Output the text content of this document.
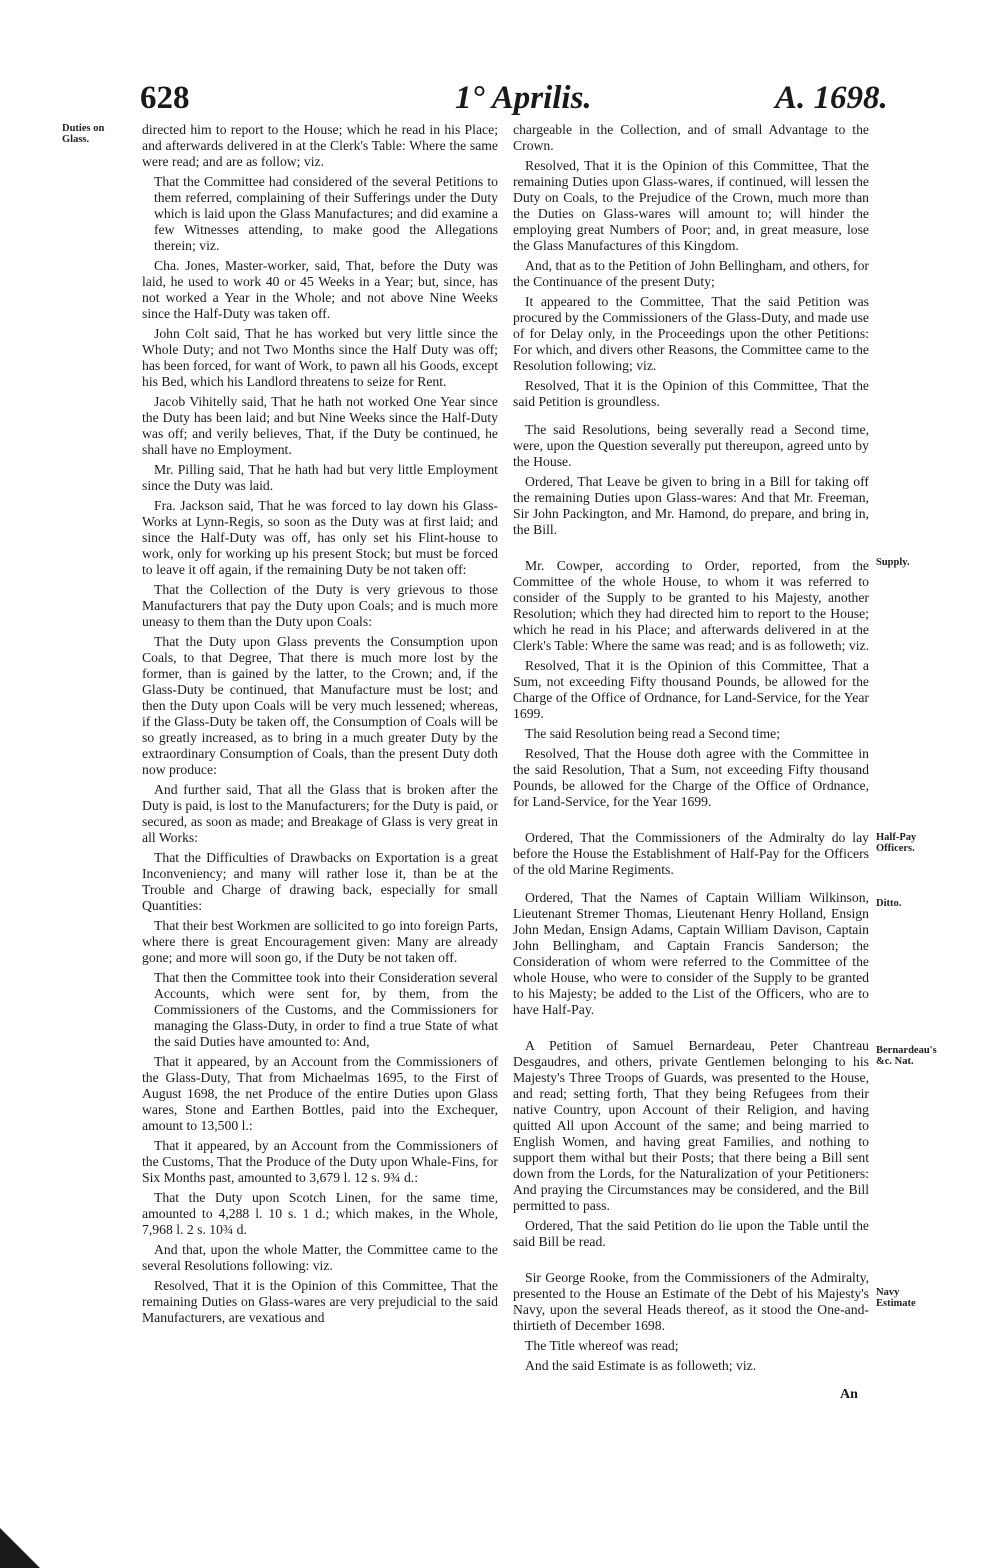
628	1° Aprilis.	A. 1698.
Duties on Glass.
Supply.
Half-Pay Officers.
Ditto.
Bernardeau's &c. Nat.
Navy Estimate

directed him to report to the House; which he read in his Place; and afterwards delivered in at the Clerk's Table: Where the same were read; and are as follow; viz.

That the Committee had considered of the several Petitions to them referred, complaining of their Sufferings under the Duty which is laid upon the Glass Manufactures; and did examine a few Witnesses attending, to make good the Allegations therein; viz.

Cha. Jones, Master-worker, said, That, before the Duty was laid, he used to work 40 or 45 Weeks in a Year; but, since, has not worked a Year in the Whole; and not above Nine Weeks since the Half-Duty was taken off.

John Colt said, That he has worked but very little since the Whole Duty; and not Two Months since the Half Duty was off; has been forced, for want of Work, to pawn all his Goods, except his Bed, which his Landlord threatens to seize for Rent.

Jacob Vihitelly said, That he hath not worked One Year since the Duty has been laid; and but Nine Weeks since the Half-Duty was off; and verily believes, That, if the Duty be continued, he shall have no Employment.

Mr. Pilling said, That he hath had but very little Employment since the Duty was laid.

Fra. Jackson said, That he was forced to lay down his Glass-Works at Lynn-Regis, so soon as the Duty was at first laid; and since the Half-Duty was off, has only set his Flint-house to work, only for working up his present Stock; but must be forced to leave it off again, if the remaining Duty be not taken off:

That the Collection of the Duty is very grievous to those Manufacturers that pay the Duty upon Coals; and is much more uneasy to them than the Duty upon Coals:

That the Duty upon Glass prevents the Consumption upon Coals, to that Degree, That there is much more lost by the former, than is gained by the latter, to the Crown; and, if the Glass-Duty be continued, that Manufacture must be lost; and then the Duty upon Coals will be very much lessened; whereas, if the Glass-Duty be taken off, the Consumption of Coals will be so greatly increased, as to bring in a much greater Duty by the extraordinary Consumption of Coals, than the present Duty doth now produce:

And further said, That all the Glass that is broken after the Duty is paid, is lost to the Manufacturers; for the Duty is paid, or secured, as soon as made; and Breakage of Glass is very great in all Works:

That the Difficulties of Drawbacks on Exportation is a great Inconveniency; and many will rather lose it, than be at the Trouble and Charge of drawing back, especially for small Quantities:

That their best Workmen are sollicited to go into foreign Parts, where there is great Encouragement given: Many are already gone; and more will soon go, if the Duty be not taken off.

That then the Committee took into their Consideration several Accounts, which were sent for, by them, from the Commissioners of the Customs, and the Commissioners for managing the Glass-Duty, in order to find a true State of what the said Duties have amounted to: And,

That it appeared, by an Account from the Commissioners of the Glass-Duty, That from Michaelmas 1695, to the First of August 1698, the net Produce of the entire Duties upon Glass wares, Stone and Earthen Bottles, paid into the Exchequer, amount to 13,500 l.:

That it appeared, by an Account from the Commissioners of the Customs, That the Produce of the Duty upon Whale-Fins, for Six Months past, amounted to 3,679 l. 12 s. 9¾ d.:

That the Duty upon Scotch Linen, for the same time, amounted to 4,288 l. 10 s. 1 d.; which makes, in the Whole, 7,968 l. 2 s. 10¾ d.

And that, upon the whole Matter, the Committee came to the several Resolutions following: viz.

Resolved, That it is the Opinion of this Committee, That the remaining Duties on Glass-wares are very prejudicial to the said Manufacturers, are vexatious and

chargeable in the Collection, and of small Advantage to the Crown.

Resolved, That it is the Opinion of this Committee, That the remaining Duties upon Glass-wares, if continued, will lessen the Duty on Coals, to the Prejudice of the Crown, much more than the Duties on Glass-wares will amount to; will hinder the employing great Numbers of Poor; and, in great measure, lose the Glass Manufactures of this Kingdom.

And, that as to the Petition of John Bellingham, and others, for the Continuance of the present Duty;

It appeared to the Committee, That the said Petition was procured by the Commissioners of the Glass-Duty, and made use of for Delay only, in the Proceedings upon the other Petitions: For which, and divers other Reasons, the Committee came to the Resolution following; viz.

Resolved, That it is the Opinion of this Committee, That the said Petition is groundless.

The said Resolutions, being severally read a Second time, were, upon the Question severally put thereupon, agreed unto by the House.

Ordered, That Leave be given to bring in a Bill for taking off the remaining Duties upon Glass-wares: And that Mr. Freeman, Sir John Packington, and Mr. Hamond, do prepare, and bring in, the Bill.

Mr. Cowper, according to Order, reported, from the Committee of the whole House, to whom it was referred to consider of the Supply to be granted to his Majesty, another Resolution; which they had directed him to report to the House; which he read in his Place; and afterwards delivered in at the Clerk's Table: Where the same was read; and is as followeth; viz.

Resolved, That it is the Opinion of this Committee, That a Sum, not exceeding Fifty thousand Pounds, be allowed for the Charge of the Office of Ordnance, for Land-Service, for the Year 1699.

The said Resolution being read a Second time;

Resolved, That the House doth agree with the Committee in the said Resolution, That a Sum, not exceeding Fifty thousand Pounds, be allowed for the Charge of the Office of Ordnance, for Land-Service, for the Year 1699.

Ordered, That the Commissioners of the Admiralty do lay before the House the Establishment of Half-Pay for the Officers of the old Marine Regiments.

Ordered, That the Names of Captain William Wilkinson, Lieutenant Stremer Thomas, Lieutenant Henry Holland, Ensign John Medan, Ensign Adams, Captain William Davison, Captain John Bellingham, and Captain Francis Sanderson; the Consideration of whom were referred to the Committee of the whole House, who were to consider of the Supply to be granted to his Majesty; be added to the List of the Officers, who are to have Half-Pay.

A Petition of Samuel Bernardeau, Peter Chantreau Desgaudres, and others, private Gentlemen belonging to his Majesty's Three Troops of Guards, was presented to the House, and read; setting forth, That they being Refugees from their native Country, upon Account of their Religion, and having quitted All upon Account of the same; and being married to English Women, and having great Families, and nothing to support them withal but their Posts; that there being a Bill sent down from the Lords, for the Naturalization of your Petitioners: And praying the Circumstances may be considered, and the Bill permitted to pass.

Ordered, That the said Petition do lie upon the Table until the said Bill be read.

Sir George Rooke, from the Commissioners of the Admiralty, presented to the House an Estimate of the Debt of his Majesty's Navy, upon the several Heads thereof, as it stood the One-and-thirtieth of December 1698.

The Title whereof was read;

And the said Estimate is as followeth; viz.

An
